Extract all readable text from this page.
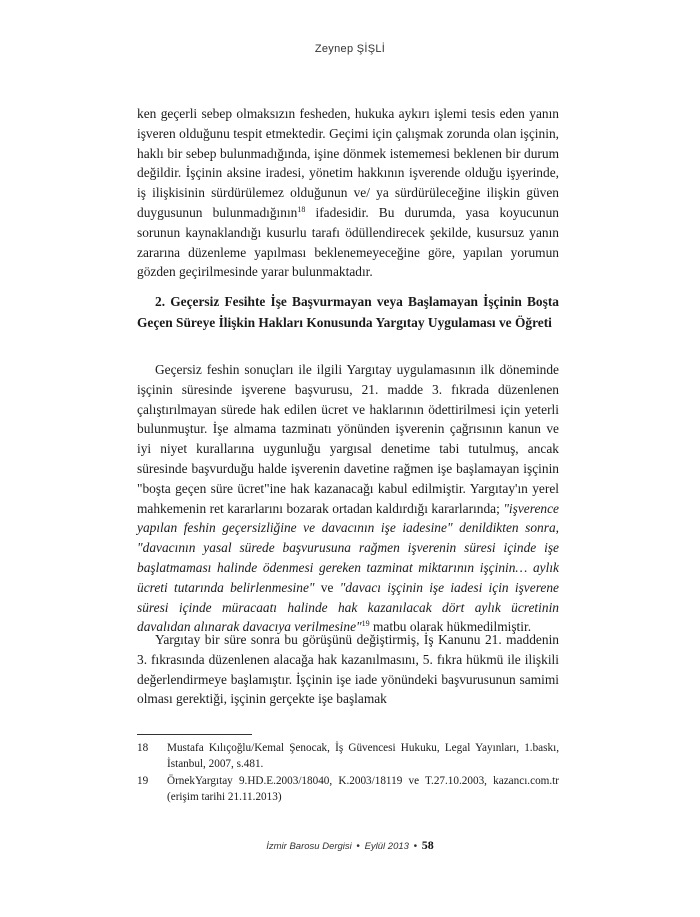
Zeynep ŞİŞLİ

ken geçerli sebep olmaksızın fesheden, hukuka aykırı işlemi tesis eden yanın işveren olduğunu tespit etmektedir. Geçimi için çalışmak zorunda olan işçinin, haklı bir sebep bulunmadığında, işine dönmek istememesi beklenen bir durum değildir. İşçinin aksine iradesi, yönetim hakkının işverende olduğu işyerinde, iş ilişkisinin sürdürülemez olduğunun ve/ ya sürdürüleceğine ilişkin güven duygusunun bulunmadığının$^{18}$ ifadesidir. Bu durumda, yasa koyucunun sorunun kaynaklandığı kusurlu tarafı ödüllendirecek şekilde, kusursuz yanın zararına düzenleme yapılması beklenemeyeceğine göre, yapılan yorumun gözden geçirilmesinde yarar bulunmaktadır.

2. Geçersiz Fesihte İşe Başvurmayan veya Başlamayan İşçinin Boşta Geçen Süreye İlişkin Hakları Konusunda Yargıtay Uygulaması ve Öğreti

Geçersiz feshin sonuçları ile ilgili Yargıtay uygulamasının ilk döneminde işçinin süresinde işverene başvurusu, 21. madde 3. fıkrada düzenlenen çalıştırılmayan sürede hak edilen ücret ve haklarının ödettirilmesi için yeterli bulunmuştur. İşe almama tazminatı yönünden işverenin çağrısının kanun ve iyi niyet kurallarına uygunluğu yargısal denetime tabi tutulmuş, ancak süresinde başvurduğu halde işverenin davetine rağmen işe başlamayan işçinin "boşta geçen süre ücret"ine hak kazanacağı kabul edilmiştir. Yargıtay'ın yerel mahkemenin ret kararlarını bozarak ortadan kaldırdığı kararlarında; "işverence yapılan feshin geçersizliğine ve davacının işe iadesine" denildikten sonra, "davacının yasal sürede başvurusuna rağmen işverenin süresi içinde işe başlatmaması halinde ödenmesi gereken tazminat miktarının işçinin… aylık ücreti tutarında belirlenmesine" ve "davacı işçinin işe iadesi için işverene süresi içinde müracaatı halinde hak kazanılacak dört aylık ücretinin davalıdan alınarak davacıya verilmesine"$^{19}$ matbu olarak hükmedilmiştir.

Yargıtay bir süre sonra bu görüşünü değiştirmiş, İş Kanunu 21. maddenin 3. fıkrasında düzenlenen alacağa hak kazanılmasını, 5. fıkra hükmü ile ilişkili değerlendirmeye başlamıştır. İşçinin işe iade yönündeki başvurusunun samimi olması gerektiği, işçinin gerçekte işe başlamak

18	Mustafa Kılıçoğlu/Kemal Şenocak, İş Güvencesi Hukuku, Legal Yayınları, 1.baskı, İstanbul, 2007, s.481.
19	ÖrnekYargıtay 9.HD.E.2003/18040, K.2003/18119 ve T.27.10.2003, kazancı.com.tr (erişim tarihi 21.11.2013)
İzmir Barosu Dergisi • Eylül 2013 • 58
